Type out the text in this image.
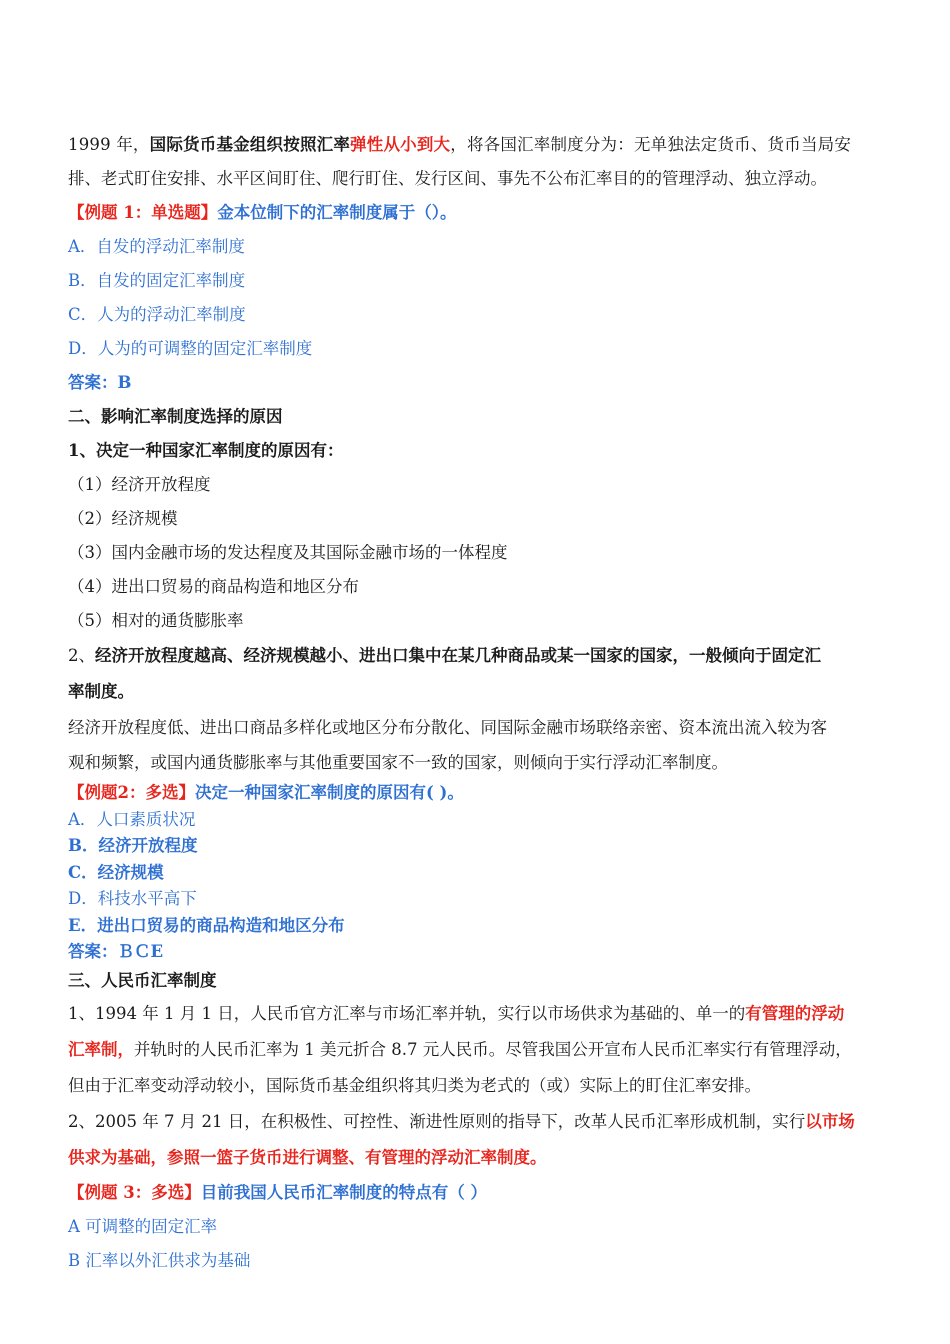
1999 年，国际货币基金组织按照汇率弹性从小到大，将各国汇率制度分为：无单独法定货币、货币当局安

排、老式盯住安排、水平区间盯住、爬行盯住、发行区间、事先不公布汇率目的的管理浮动、独立浮动。

【例题 1：单选题】金本位制下的汇率制度属于（）。

A．自发的浮动汇率制度

B．自发的固定汇率制度

C．人为的浮动汇率制度

D．人为的可调整的固定汇率制度

答案：B

二、影响汇率制度选择的原因

1、决定一种国家汇率制度的原因有：

（1）经济开放程度

（2）经济规模

（3）国内金融市场的发达程度及其国际金融市场的一体程度

（4）进出口贸易的商品构造和地区分布

（5）相对的通货膨胀率

2、经济开放程度越高、经济规模越小、进出口集中在某几种商品或某一国家的国家，一般倾向于固定汇

率制度。

经济开放程度低、进出口商品多样化或地区分布分散化、同国际金融市场联络亲密、资本流出流入较为客

观和频繁，或国内通货膨胀率与其他重要国家不一致的国家，则倾向于实行浮动汇率制度。

【例题2：多选】决定一种国家汇率制度的原因有( )。

A．人口素质状况

B．经济开放程度

C．经济规模

D．科技水平高下

E．进出口贸易的商品构造和地区分布

答案：ＢＣE

三、人民币汇率制度

1、1994 年 1 月 1 日，人民币官方汇率与市场汇率并轨，实行以市场供求为基础的、单一的有管理的浮动

汇率制，并轨时的人民币汇率为 1 美元折合 8.7 元人民币。尽管我国公开宣布人民币汇率实行有管理浮动，

但由于汇率变动浮动较小，国际货币基金组织将其归类为老式的（或）实际上的盯住汇率安排。

2、2005 年 7 月 21 日，在积极性、可控性、渐进性原则的指导下，改革人民币汇率形成机制，实行以市场

供求为基础，参照一篮子货币进行调整、有管理的浮动汇率制度。

【例题 3：多选】目前我国人民币汇率制度的特点有（ ）

A 可调整的固定汇率

B 汇率以外汇供求为基础
